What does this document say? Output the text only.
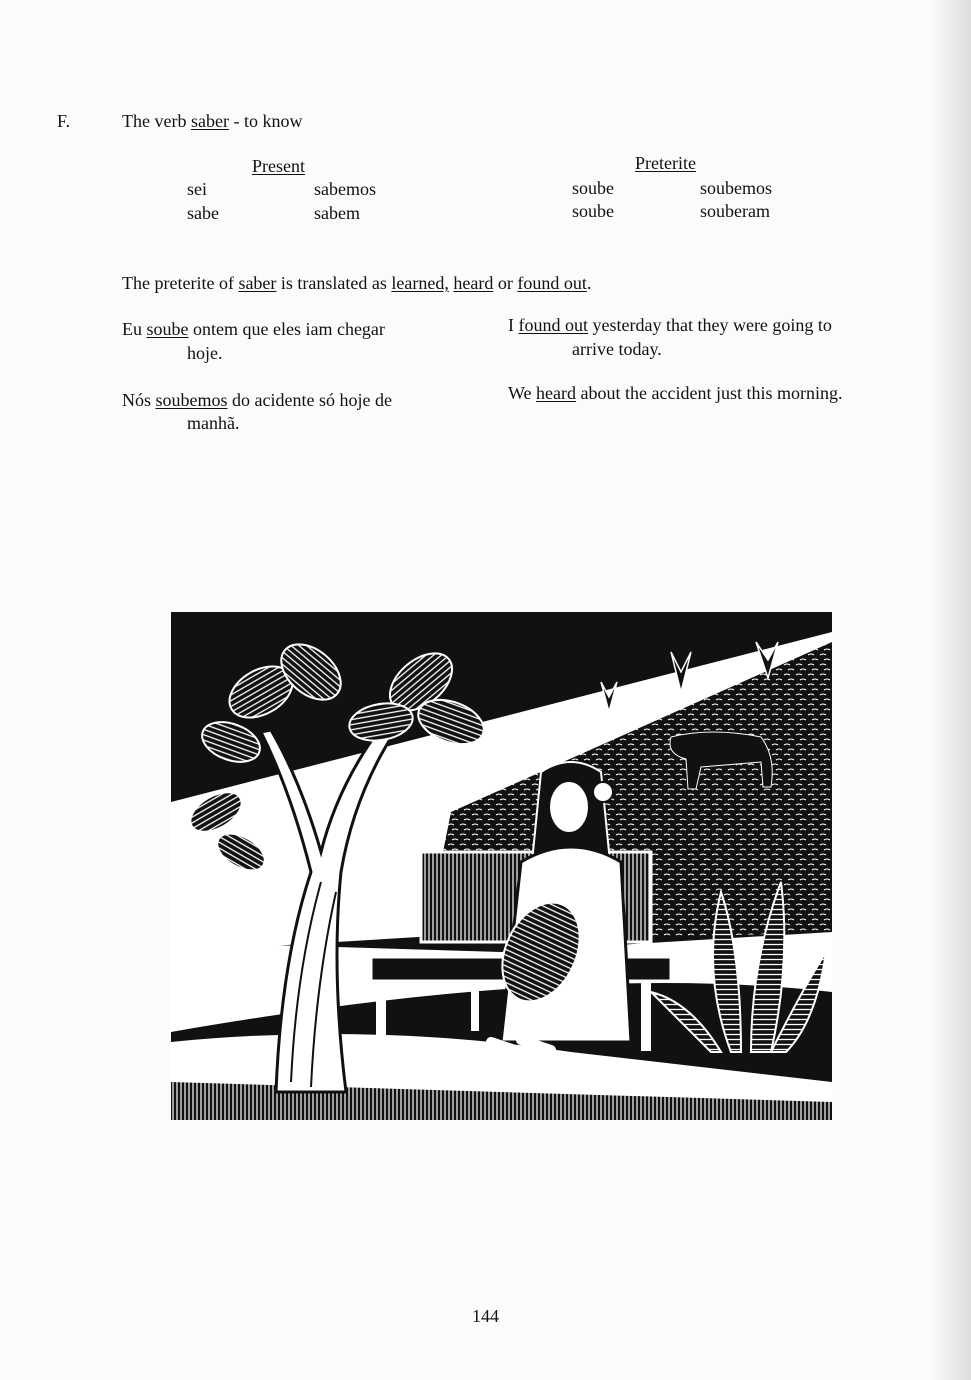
F.	The verb saber - to know
Present
sei	sabemos
sabe	sabem
Preterite
soube	soubemos
soube	souberam
The preterite of saber is translated as learned, heard or found out.
Eu soube ontem que eles iam chegar
hoje.
I found out yesterday that they were going to
arrive today.
Nós soubemos do acidente só hoje de
manhã.
We heard about the accident just this morning.
144
